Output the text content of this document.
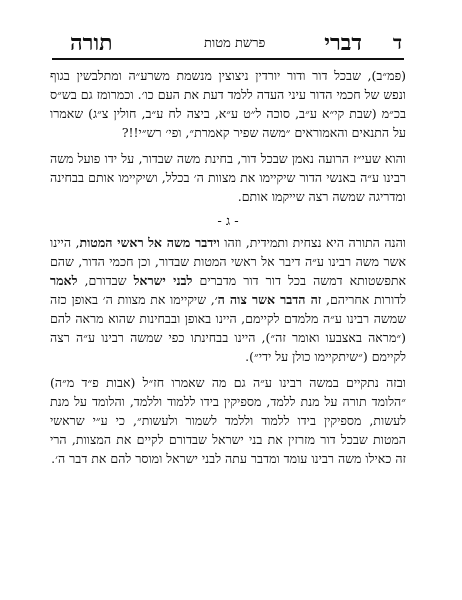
ד
דברי
פרשת מטות
תורה

(פמ״ב), שבכל דור ודור יורדין ניצוצין מנשמת משרע״ה ומתלבשין בגוף ונפש של חכמי הדור עיני העדה ללמד דעת את העם כו׳. וכמרומז גם בש״ס בכ״מ (שבת קי״א ע״ב, סוכה ל״ט ע״א, ביצה לח ע״ב, חולין צ״ג) שאמרו על התנאים והאמוראים ״משה שפיר קאמרת״, ופי׳ רש״י!!?

והוא שעי״ז הרועה נאמן שבכל דור, בחינת משה שבדור, על ידו פועל משה רבינו ע״ה באנשי הדור שיקיימו את מצוות ה׳ בכלל, ושיקיימו אותם בבחינה ומדריגה שמשה רצה שייקמו אותם.

- ג -

והנה התורה היא נצחית ותמידית, וזהו וידבר משה אל ראשי המטות, היינו אשר משה רבינו ע״ה דיבר אל ראשי המטות שבדור, וכן חכמי הדור, שהם אתפשטותא דמשה בכל דור דור מדברים לבני ישראל שבדורם, לאמר לדורות אחריהם, זה הדבר אשר צוה ה׳, שיקיימו את מצוות ה׳ באופן כזה שמשה רבינו ע״ה מלמדם לקיימם, היינו באופן ובבחינות שהוא מראה להם (״מראה באצבעו ואומר זה״), היינו בבחינתו כפי שמשה רבינו ע״ה רצה לקיימם (״שיתקיימו כולן על ידי״).

ובזה נתקיים במשה רבינו ע״ה גם מה שאמרו חז״ל (אבות פ״ד מ״ה) ״הלומד תורה על מנת ללמד, מספיקין בידו ללמוד וללמד, והלומד על מנת לעשות, מספיקין בידו ללמוד וללמד לשמור ולעשות״, כי ע״י שראשי המטות שבכל דור מזרזין את בני ישראל שבדורם לקיים את המצוות, הרי זה כאילו משה רבינו עומד ומדבר עתה לבני ישראל ומוסר להם את דבר ה׳.
